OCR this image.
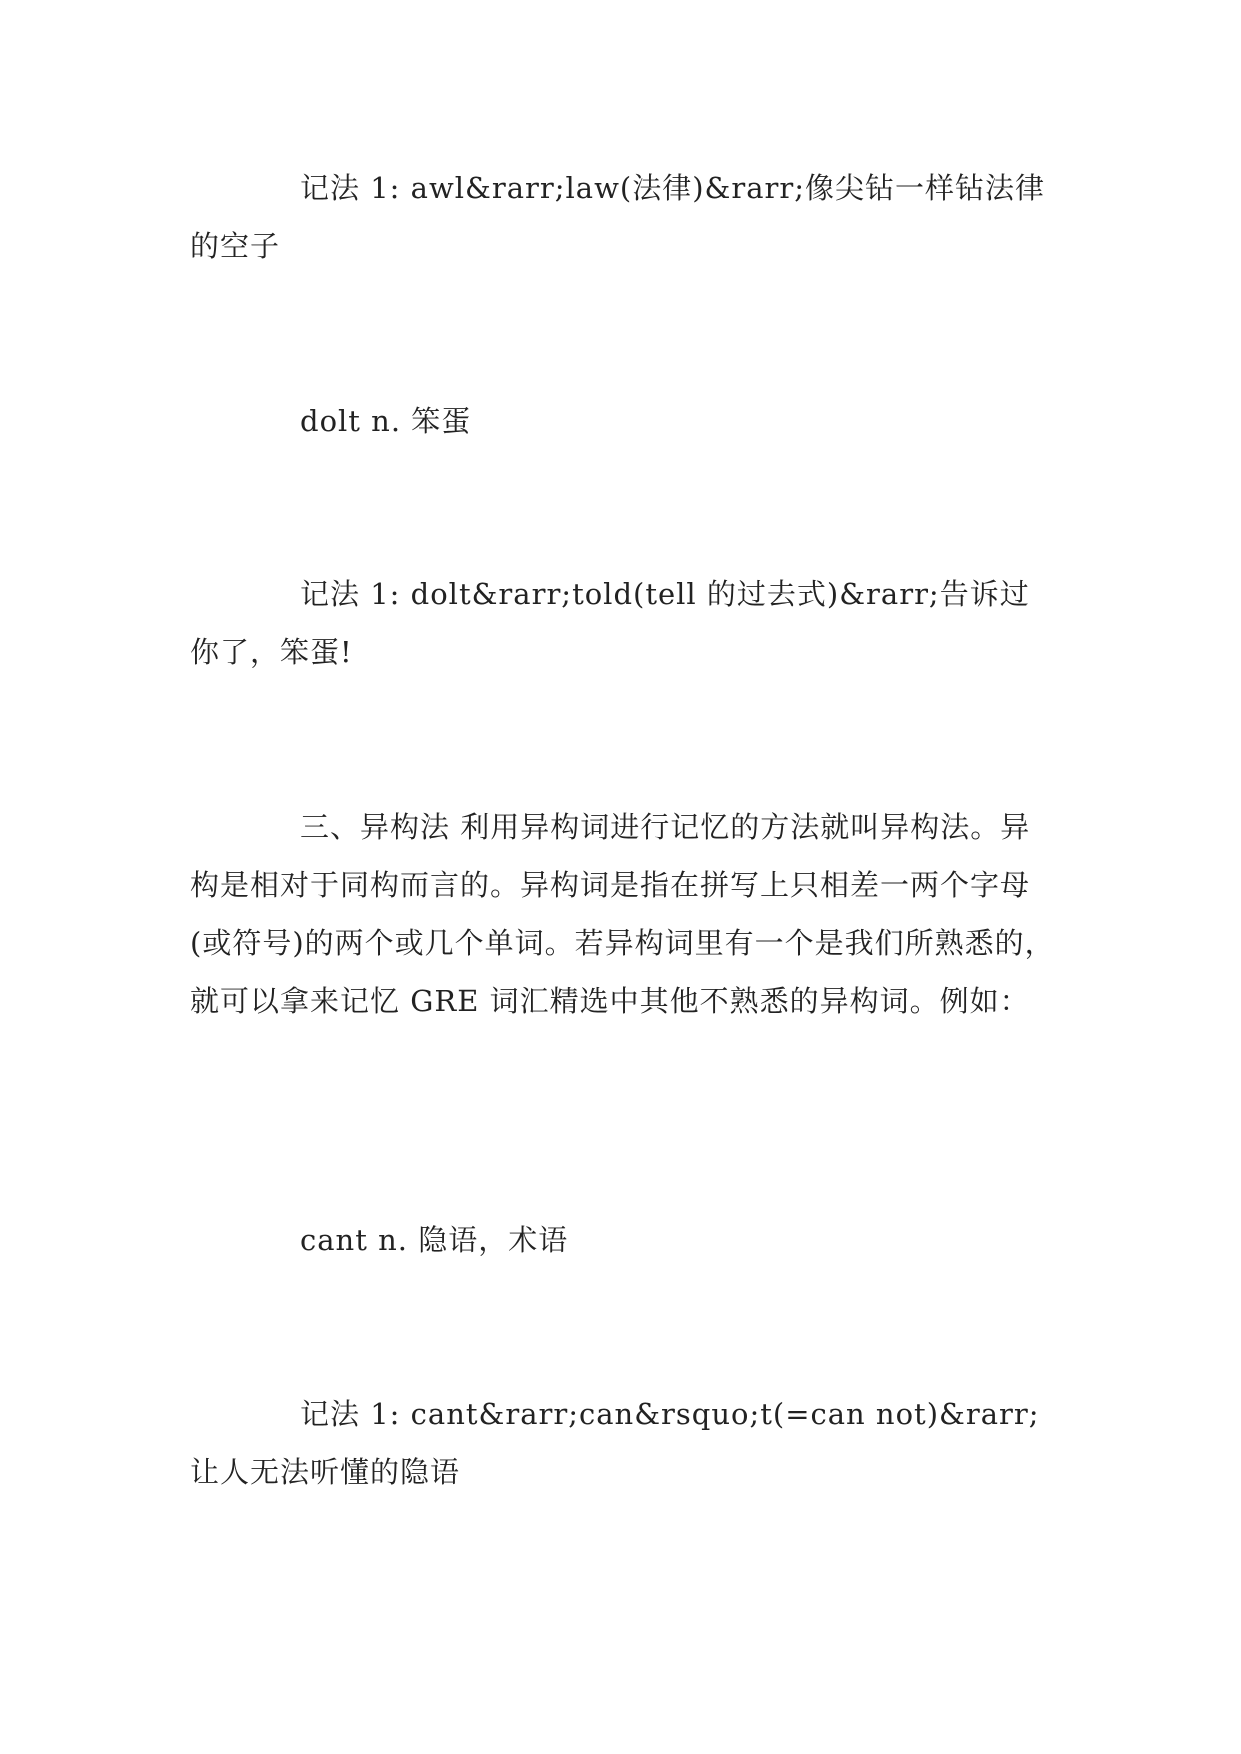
记法 1: awl&rarr;law(法律)&rarr;像尖钻一样钻法律的空子

dolt n. 笨蛋

记法 1: dolt&rarr;told(tell 的过去式)&rarr;告诉过你了，笨蛋!

三、异构法 利用异构词进行记忆的方法就叫异构法。异构是相对于同构而言的。异构词是指在拼写上只相差一两个字母(或符号)的两个或几个单词。若异构词里有一个是我们所熟悉的，就可以拿来记忆 GRE 词汇精选中其他不熟悉的异构词。例如：

cant n. 隐语，术语

记法 1: cant&rarr;can&rsquo;t(=can not)&rarr;让人无法听懂的隐语
